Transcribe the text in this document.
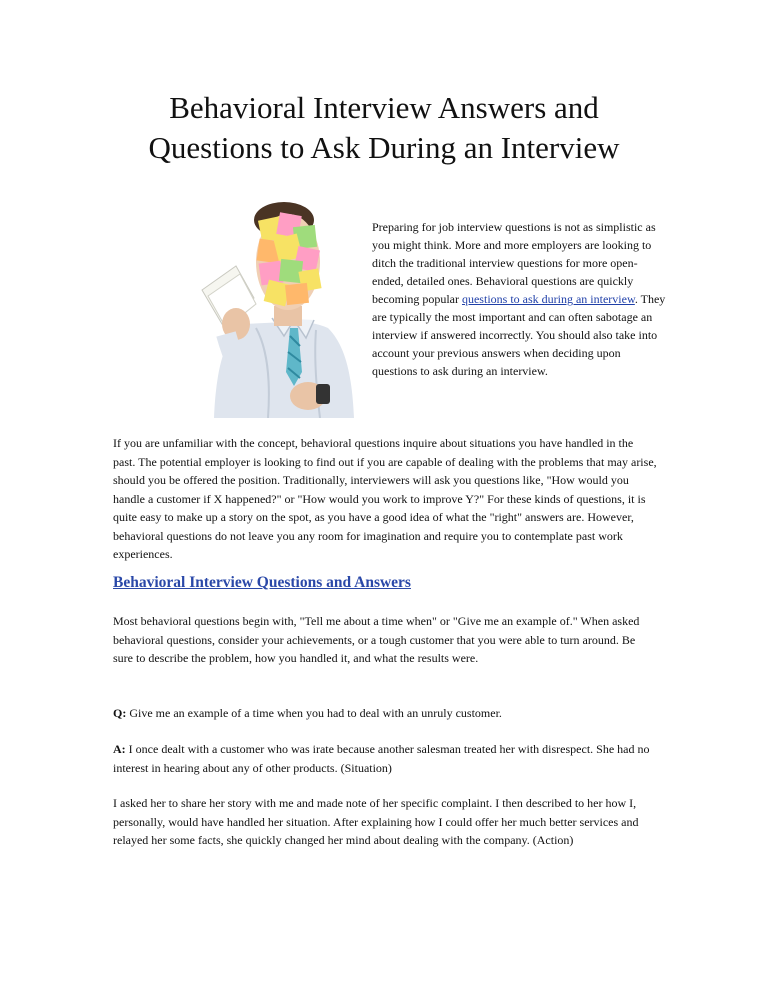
Behavioral Interview Answers and
Questions to Ask During an Interview

Preparing for job interview questions is not as simplistic as you might think. More and more employers are looking to ditch the traditional interview questions for more open-ended, detailed ones. Behavioral questions are quickly becoming popular questions to ask during an interview. They are typically the most important and can often sabotage an interview if answered incorrectly. You should also take into account your previous answers when deciding upon questions to ask during an interview.

If you are unfamiliar with the concept, behavioral questions inquire about situations you have handled in the past. The potential employer is looking to find out if you are capable of dealing with the problems that may arise, should you be offered the position. Traditionally, interviewers will ask you questions like, "How would you handle a customer if X happened?" or "How would you work to improve Y?" For these kinds of questions, it is quite easy to make up a story on the spot, as you have a good idea of what the "right" answers are. However, behavioral questions do not leave you any room for imagination and require you to contemplate past work experiences.

Behavioral Interview Questions and Answers

Most behavioral questions begin with, "Tell me about a time when" or "Give me an example of." When asked behavioral questions, consider your achievements, or a tough customer that you were able to turn around. Be sure to describe the problem, how you handled it, and what the results were.

Q: Give me an example of a time when you had to deal with an unruly customer.

A: I once dealt with a customer who was irate because another salesman treated her with disrespect. She had no interest in hearing about any of other products. (Situation)

I asked her to share her story with me and made note of her specific complaint. I then described to her how I, personally, would have handled her situation. After explaining how I could offer her much better services and relayed her some facts, she quickly changed her mind about dealing with the company. (Action)
